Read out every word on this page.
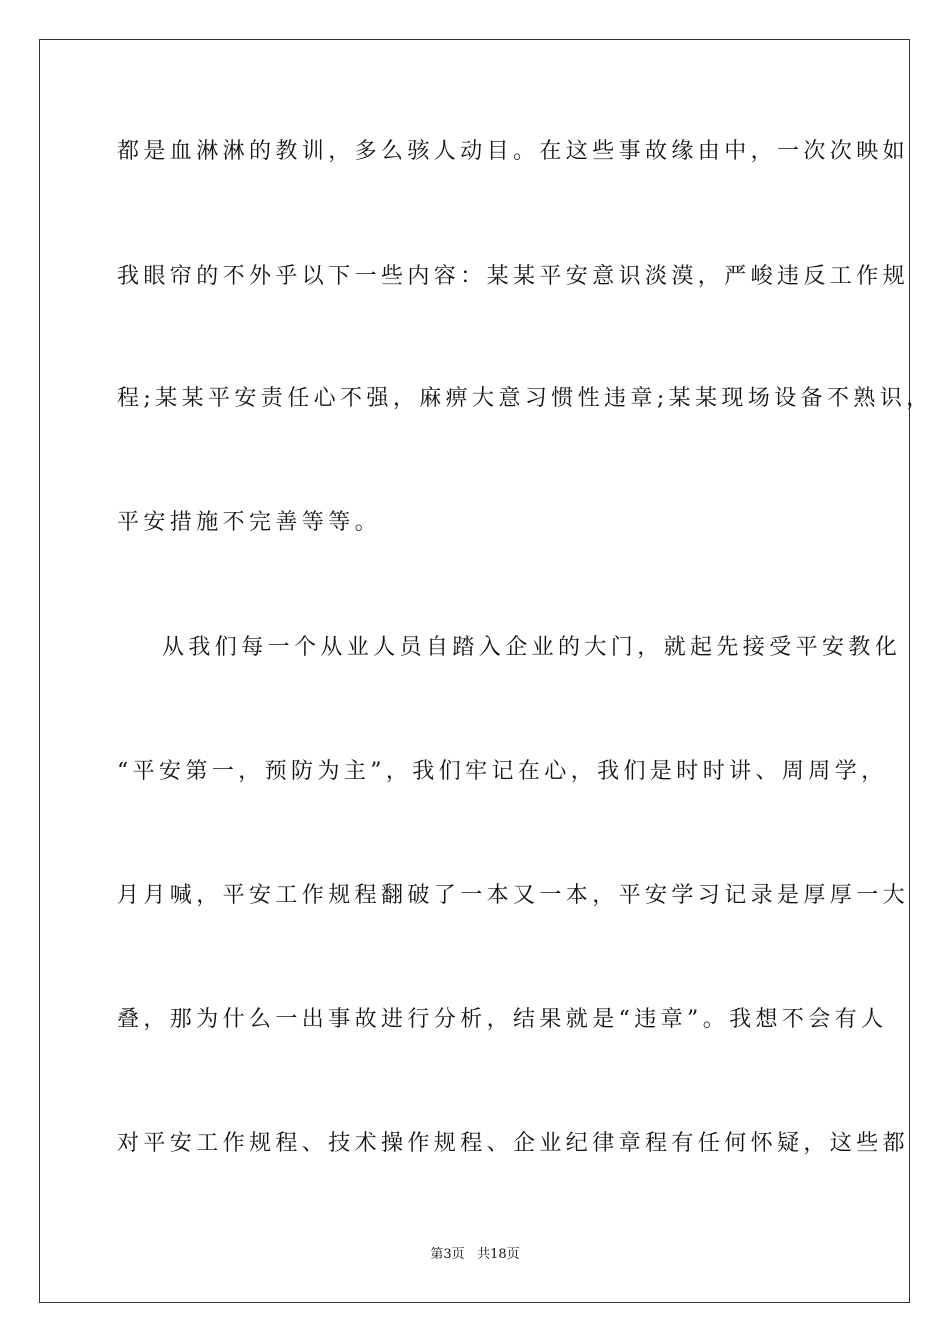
都是血淋淋的教训，多么骇人动目。在这些事故缘由中，一次次映如
我眼帘的不外乎以下一些内容：某某平安意识淡漠，严峻违反工作规
程;某某平安责任心不强，麻痹大意习惯性违章;某某现场设备不熟识，
平安措施不完善等等。
从我们每一个从业人员自踏入企业的大门，就起先接受平安教化
“平安第一，预防为主”，我们牢记在心，我们是时时讲、周周学，
月月喊，平安工作规程翻破了一本又一本，平安学习记录是厚厚一大
叠，那为什么一出事故进行分析，结果就是“违章”。我想不会有人
对平安工作规程、技术操作规程、企业纪律章程有任何怀疑，这些都
第3页 共18页
